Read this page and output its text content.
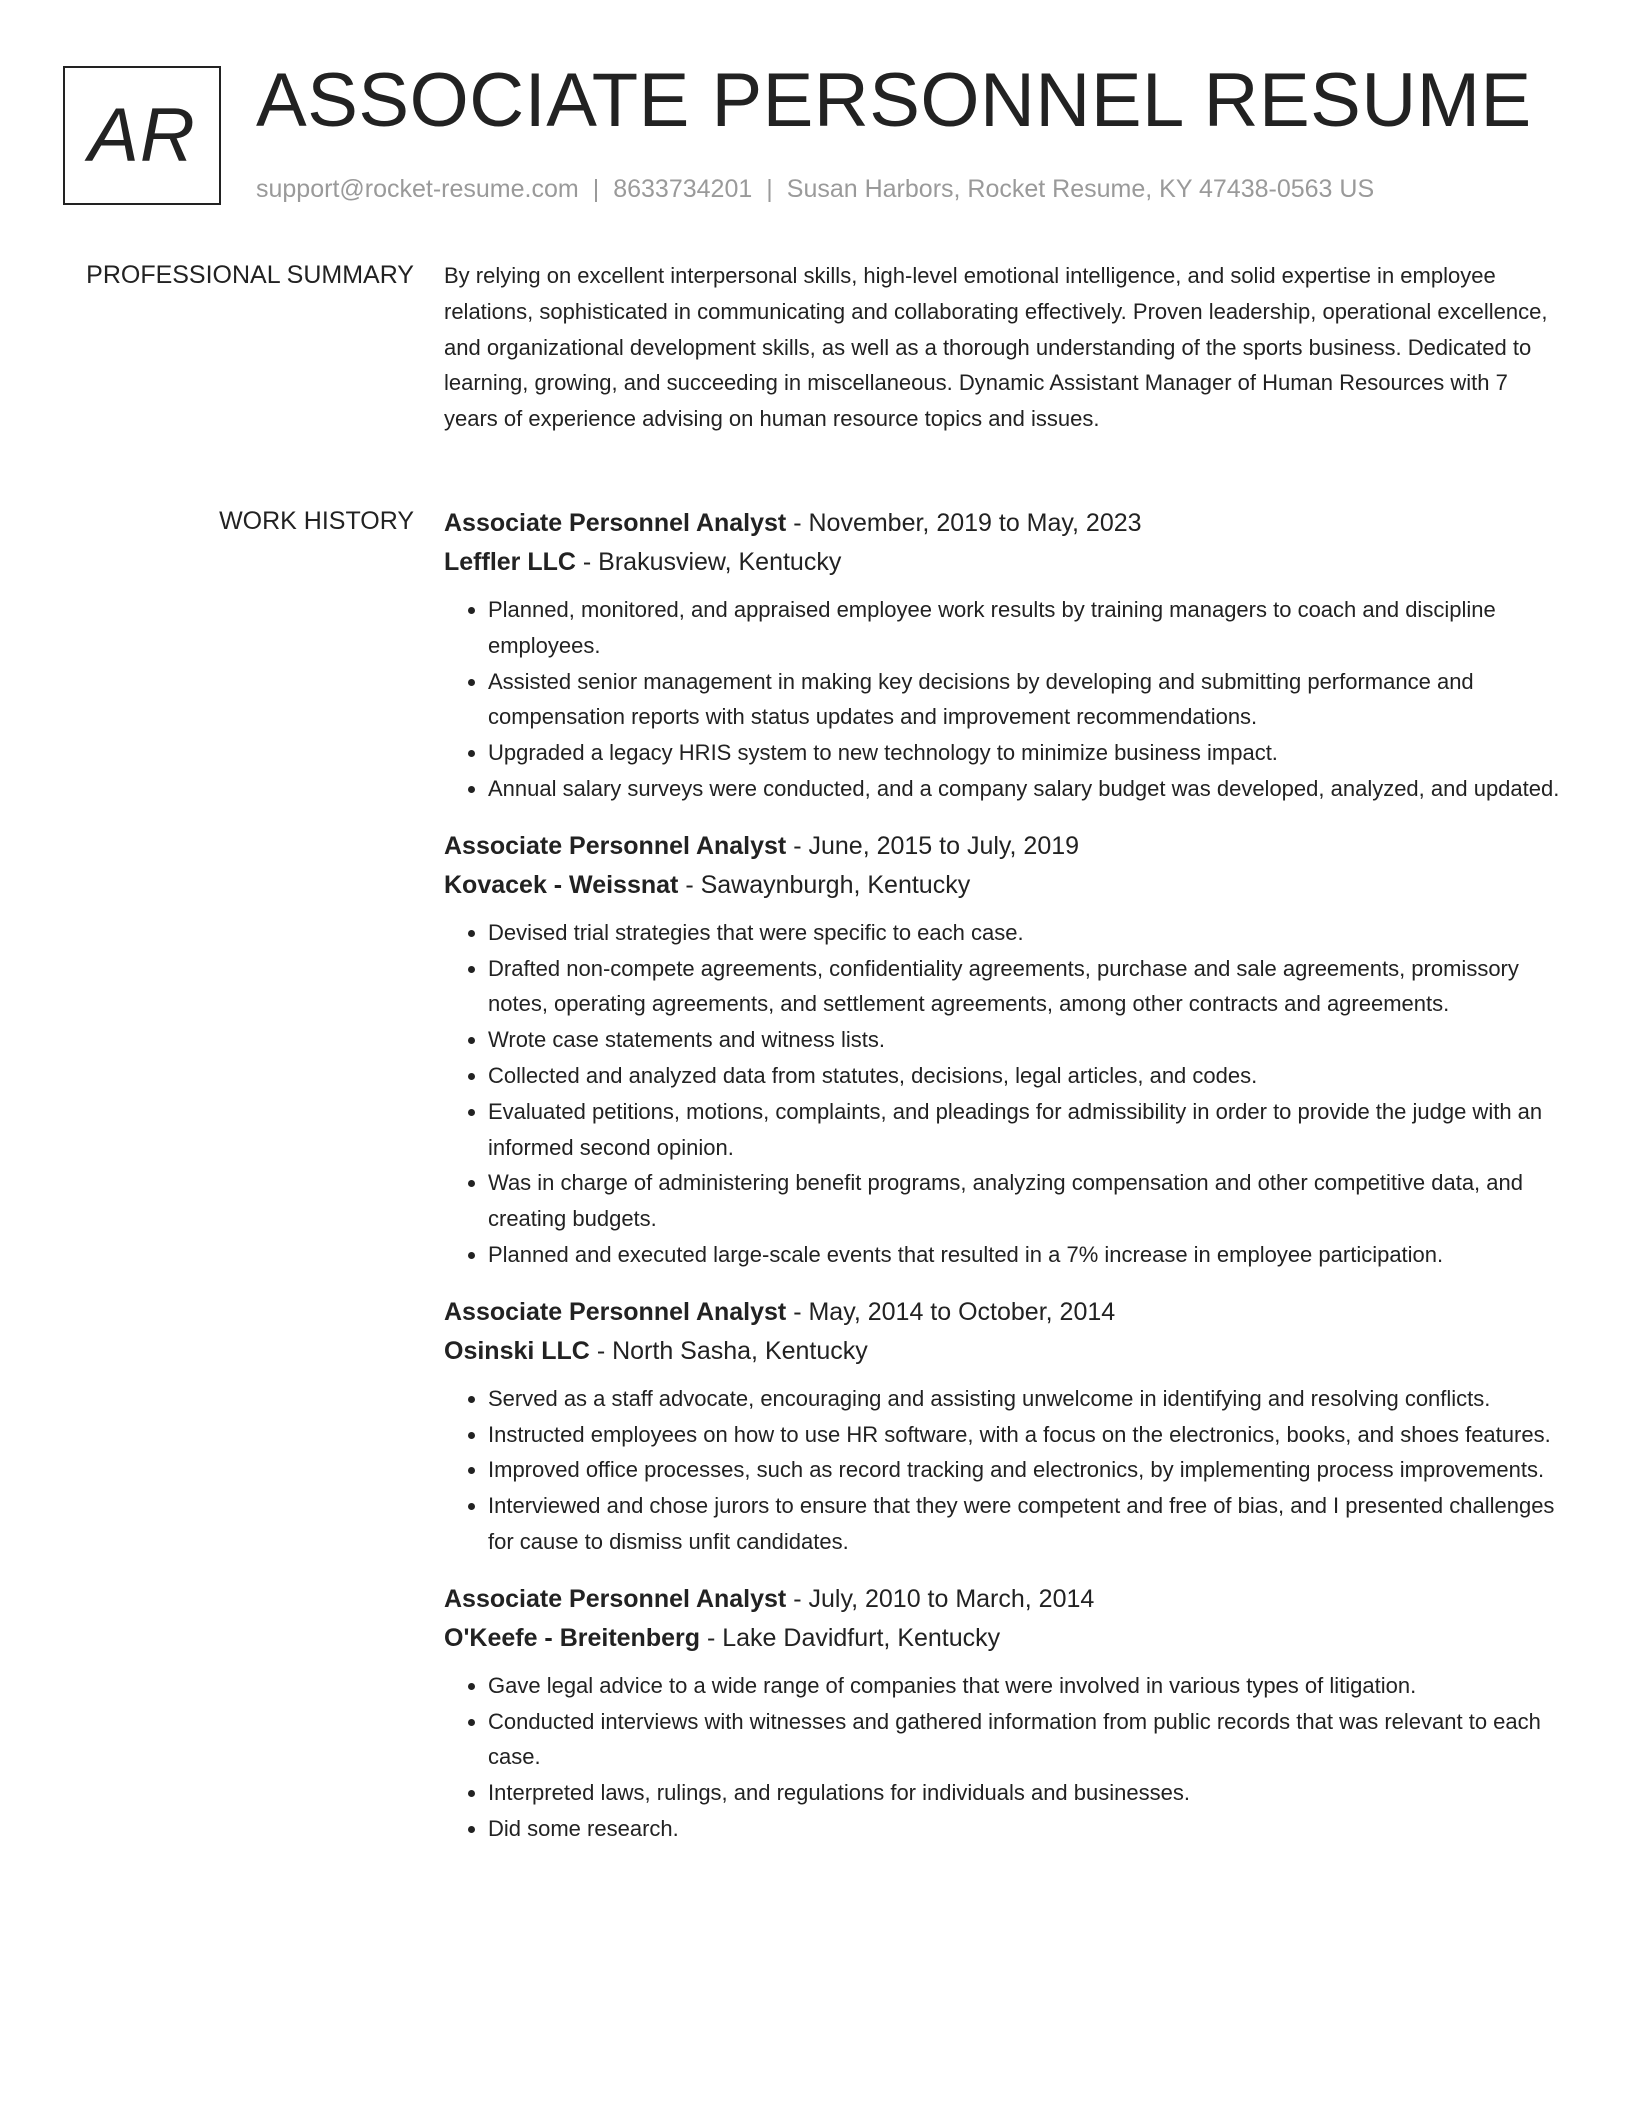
AR ASSOCIATE PERSONNEL RESUME
support@rocket-resume.com | 8633734201 | Susan Harbors, Rocket Resume, KY 47438-0563 US
PROFESSIONAL SUMMARY By relying on excellent interpersonal skills, high-level emotional intelligence, and solid expertise in employee relations, sophisticated in communicating and collaborating effectively. Proven leadership, operational excellence, and organizational development skills, as well as a thorough understanding of the sports business. Dedicated to learning, growing, and succeeding in miscellaneous. Dynamic Assistant Manager of Human Resources with 7 years of experience advising on human resource topics and issues.
WORK HISTORY Associate Personnel Analyst - November, 2019 to May, 2023
Leffler LLC - Brakusview, Kentucky
• Planned, monitored, and appraised employee work results by training managers to coach and discipline employees.
• Assisted senior management in making key decisions by developing and submitting performance and compensation reports with status updates and improvement recommendations.
• Upgraded a legacy HRIS system to new technology to minimize business impact.
• Annual salary surveys were conducted, and a company salary budget was developed, analyzed, and updated.
Associate Personnel Analyst - June, 2015 to July, 2019
Kovacek - Weissnat - Sawaynburgh, Kentucky
• Devised trial strategies that were specific to each case.
• Drafted non-compete agreements, confidentiality agreements, purchase and sale agreements, promissory notes, operating agreements, and settlement agreements, among other contracts and agreements.
• Wrote case statements and witness lists.
• Collected and analyzed data from statutes, decisions, legal articles, and codes.
• Evaluated petitions, motions, complaints, and pleadings for admissibility in order to provide the judge with an informed second opinion.
• Was in charge of administering benefit programs, analyzing compensation and other competitive data, and creating budgets.
• Planned and executed large-scale events that resulted in a 7% increase in employee participation.
Associate Personnel Analyst - May, 2014 to October, 2014
Osinski LLC - North Sasha, Kentucky
• Served as a staff advocate, encouraging and assisting unwelcome in identifying and resolving conflicts.
• Instructed employees on how to use HR software, with a focus on the electronics, books, and shoes features.
• Improved office processes, such as record tracking and electronics, by implementing process improvements.
• Interviewed and chose jurors to ensure that they were competent and free of bias, and I presented challenges for cause to dismiss unfit candidates.
Associate Personnel Analyst - July, 2010 to March, 2014
O'Keefe - Breitenberg - Lake Davidfurt, Kentucky
• Gave legal advice to a wide range of companies that were involved in various types of litigation.
• Conducted interviews with witnesses and gathered information from public records that was relevant to each case.
• Interpreted laws, rulings, and regulations for individuals and businesses.
• Did some research.
